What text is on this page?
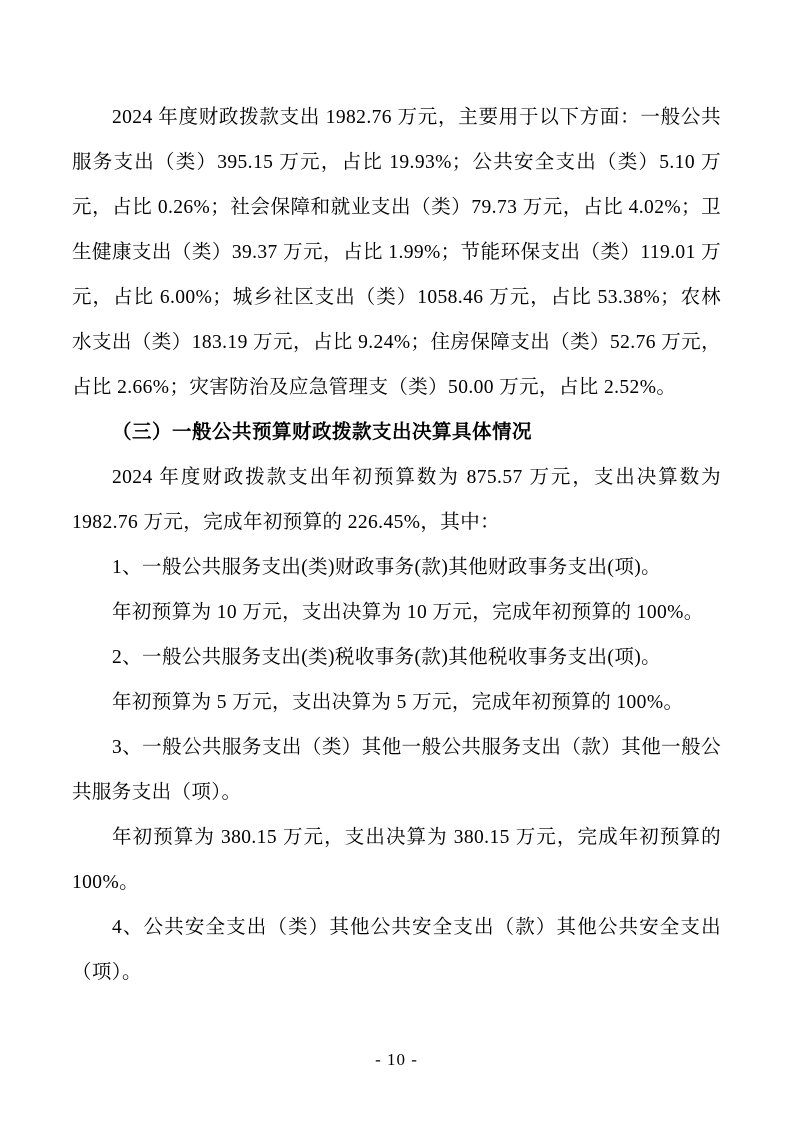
2024 年度财政拨款支出 1982.76 万元，主要用于以下方面：一般公共服务支出（类）395.15 万元，占比 19.93%；公共安全支出（类）5.10 万元，占比 0.26%；社会保障和就业支出（类）79.73 万元，占比 4.02%；卫生健康支出（类）39.37 万元，占比 1.99%；节能环保支出（类）119.01 万元，占比 6.00%；城乡社区支出（类）1058.46 万元，占比 53.38%；农林水支出（类）183.19 万元，占比 9.24%；住房保障支出（类）52.76 万元，占比 2.66%；灾害防治及应急管理支（类）50.00 万元，占比 2.52%。

（三）一般公共预算财政拨款支出决算具体情况

2024 年度财政拨款支出年初预算数为 875.57 万元，支出决算数为 1982.76 万元，完成年初预算的 226.45%，其中：

1、一般公共服务支出(类)财政事务(款)其他财政事务支出(项)。

年初预算为 10 万元，支出决算为 10 万元，完成年初预算的 100%。

2、一般公共服务支出(类)税收事务(款)其他税收事务支出(项)。

年初预算为 5 万元，支出决算为 5 万元，完成年初预算的 100%。

3、一般公共服务支出（类）其他一般公共服务支出（款）其他一般公共服务支出（项）。

年初预算为 380.15 万元，支出决算为 380.15 万元，完成年初预算的 100%。

4、公共安全支出（类）其他公共安全支出（款）其他公共安全支出（项）。

- 10 -
